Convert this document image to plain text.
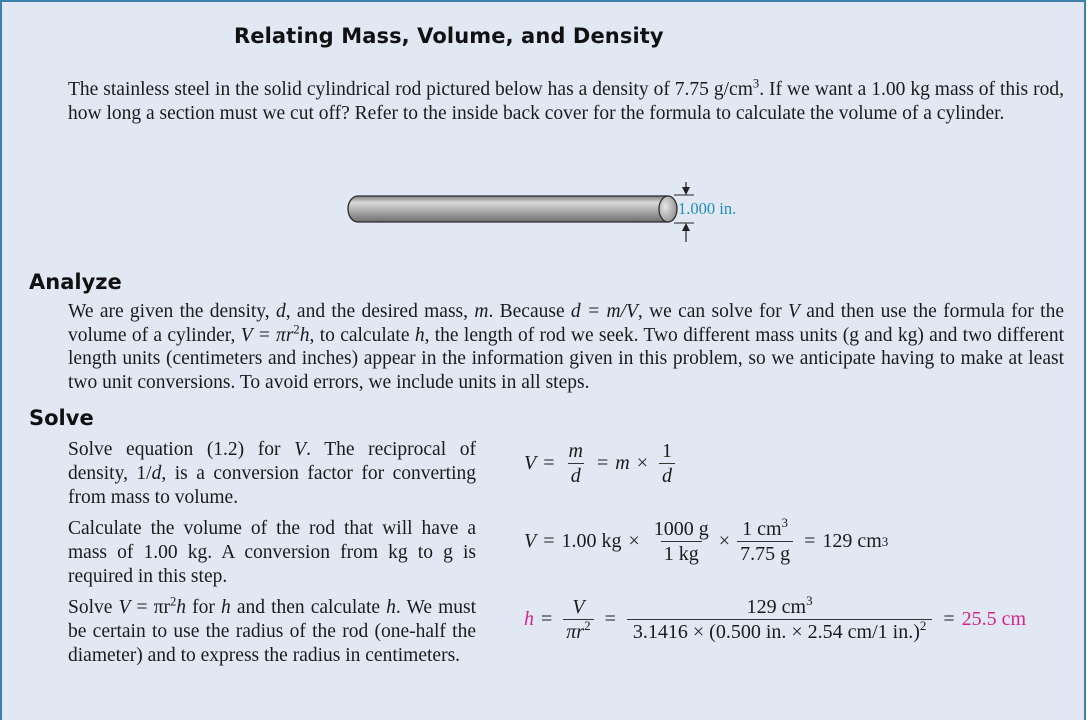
Relating Mass, Volume, and Density
The stainless steel in the solid cylindrical rod pictured below has a density of 7.75 $g/cm^3$. If we want a 1.00 kg mass of this rod, how long a section must we cut off? Refer to the inside back cover for the formula to calculate the volume of a cylinder.
1.000 in.
Analyze
We are given the density, d, and the desired mass, m. Because d = m/V, we can solve for V and then use the formula for the volume of a cylinder, $V = \pi r^2h$, to calculate h, the length of rod we seek. Two different mass units (g and kg) and two different length units (centimeters and inches) appear in the information given in this problem, so we anticipate having to make at least two unit conversions. To avoid errors, we include units in all steps.
Solve
Solve equation (1.2) for V. The reciprocal of density, 1/d, is a conversion factor for converting from mass to volume.
Calculate the volume of the rod that will have a mass of 1.00 kg. A conversion from kg to g is required in this step.
Solve $V = \pi r^2h$ for h and then calculate h. We must be certain to use the radius of the rod (one-half the diameter) and to express the radius in centimeters.
$V = \frac{m}{d} = m \times \frac{1}{d}$
V = 1.00 kg × $\frac{1000 g}{1 kg} \times \frac{1 cm^3}{7.75 g} = 129$ cm 3
$h = \frac{V}{\pi r^2} = \frac{129 cm^3}{3.1416 \times (0.500 in. \times 2.54 cm/1 in.)^2} = 25.5$ cm
